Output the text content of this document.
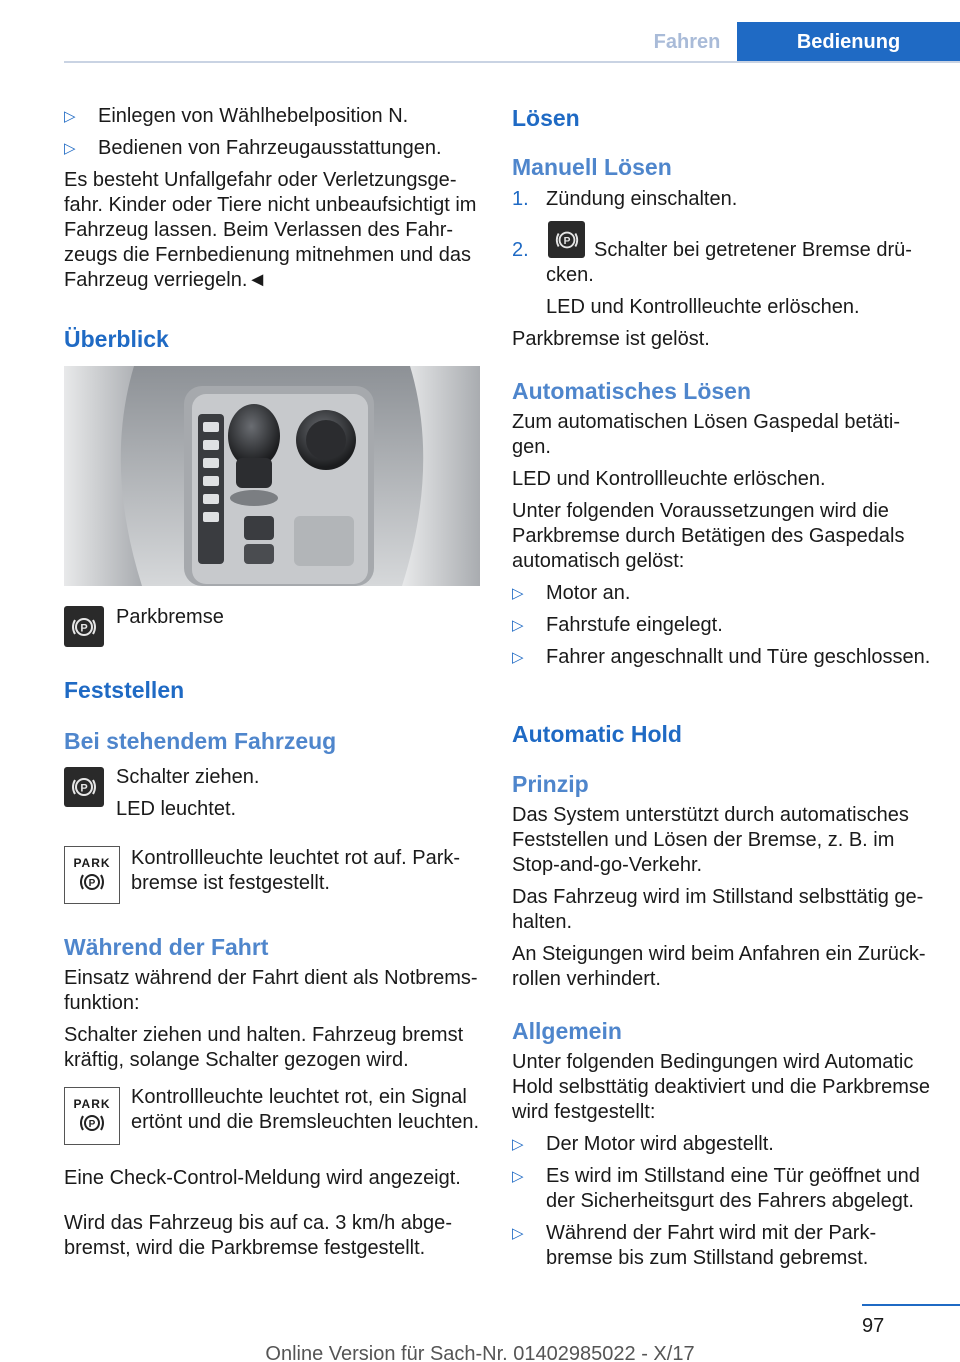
Fahren	Bedienung
▷ Einlegen von Wählhebelposition N.
▷ Bedienen von Fahrzeugausstattungen.

Es besteht Unfallgefahr oder Verletzungsgefahr. Kinder oder Tiere nicht unbeaufsichtigt im Fahrzeug lassen. Beim Verlassen des Fahrzeugs die Fernbedienung mitnehmen und das Fahrzeug verriegeln.◄

Überblick
P Parkbremse
Feststellen
Bei stehendem Fahrzeug
P
Schalter ziehen.
LED leuchtet.
PARK
P
Kontrollleuchte leuchtet rot auf. Parkbremse ist festgestellt.
Während der Fahrt

Einsatz während der Fahrt dient als Notbremsfunktion:

Schalter ziehen und halten. Fahrzeug bremst kräftig, solange Schalter gezogen wird.

PARK
P
Kontrollleuchte leuchtet rot, ein Signal ertönt und die Bremsleuchten leuchten.

Eine Check-Control-Meldung wird angezeigt.

Wird das Fahrzeug bis auf ca. 3 km/h abgebremst, wird die Parkbremse festgestellt.

Lösen
Manuell Lösen
1. Zündung einschalten.
2.	P	Schalter bei getretener Bremse drücken.

LED und Kontrollleuchte erlöschen.

Parkbremse ist gelöst.

Automatisches Lösen

Zum automatischen Lösen Gaspedal betätigen.

LED und Kontrollleuchte erlöschen.

Unter folgenden Voraussetzungen wird die Parkbremse durch Betätigen des Gaspedals automatisch gelöst:

▷ Motor an.
▷ Fahrstufe eingelegt.
▷ Fahrer angeschnallt und Türe geschlossen.
Automatic Hold
Prinzip

Das System unterstützt durch automatisches Feststellen und Lösen der Bremse, z. B. im Stop-and-go-Verkehr.

Das Fahrzeug wird im Stillstand selbsttätig gehalten.

An Steigungen wird beim Anfahren ein Zurückrollen verhindert.

Allgemein

Unter folgenden Bedingungen wird Automatic Hold selbsttätig deaktiviert und die Parkbremse wird festgestellt:

▷ Der Motor wird abgestellt.
▷ Es wird im Stillstand eine Tür geöffnet und der Sicherheitsgurt des Fahrers abgelegt.
▷ Während der Fahrt wird mit der Parkbremse bis zum Stillstand gebremst.
97
Online Version für Sach-Nr. 01402985022 - X/17
